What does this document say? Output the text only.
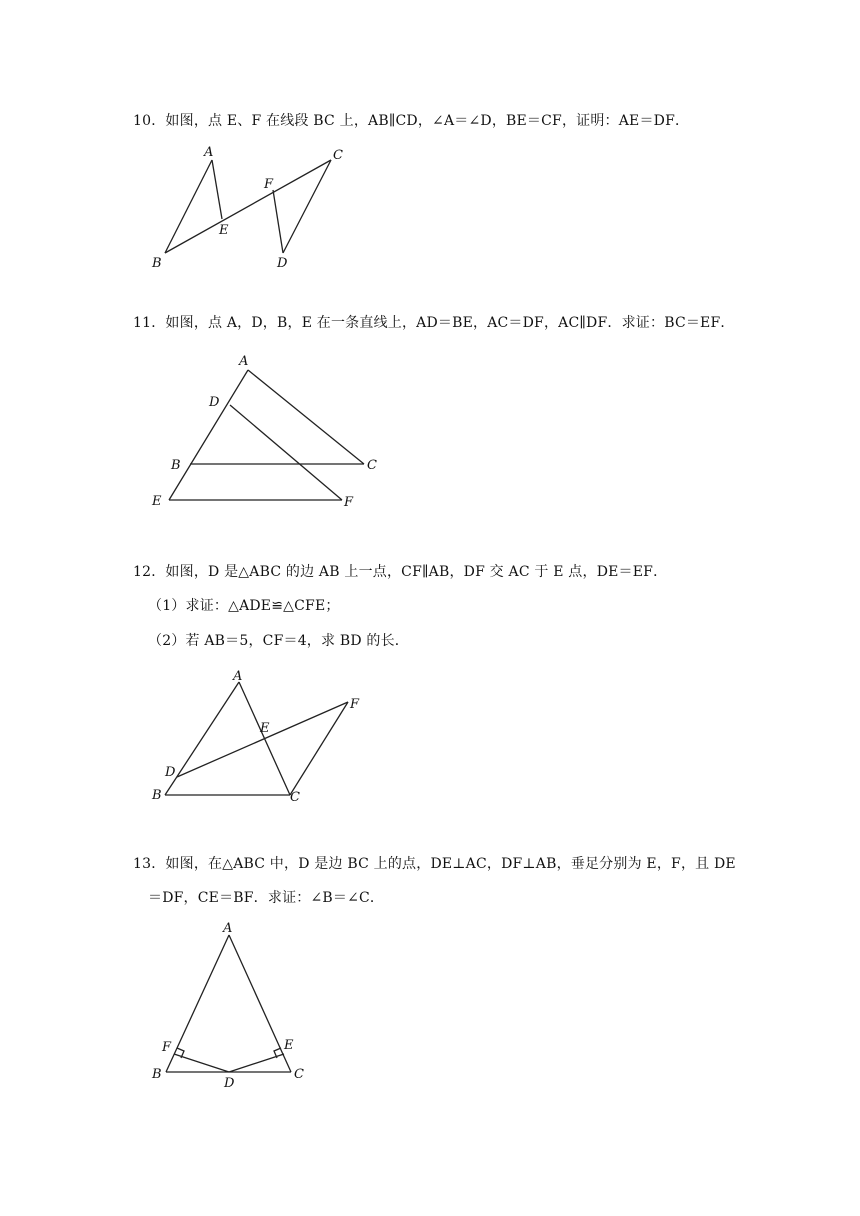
10．如图，点 E、F 在线段 BC 上，AB∥CD，∠A＝∠D，BE＝CF，证明：AE＝DF．
A
B
C
D
E
F
11．如图，点 A，D，B，E 在一条直线上，AD＝BE，AC＝DF，AC∥DF．求证：BC＝EF．
A
D
B	C
E	F
12．如图，D 是△ABC 的边 AB 上一点，CF∥AB，DF 交 AC 于 E 点，DE＝EF．
（1）求证：△ADE≌△CFE；
（2）若 AB＝5，CF＝4，求 BD 的长．
A
E
F
D
B	C
13．如图，在△ABC 中，D 是边 BC 上的点，DE⊥AC，DF⊥AB，垂足分别为 E，F，且 DE
＝DF，CE＝BF．求证：∠B＝∠C．
A
F	E
B
D
C
